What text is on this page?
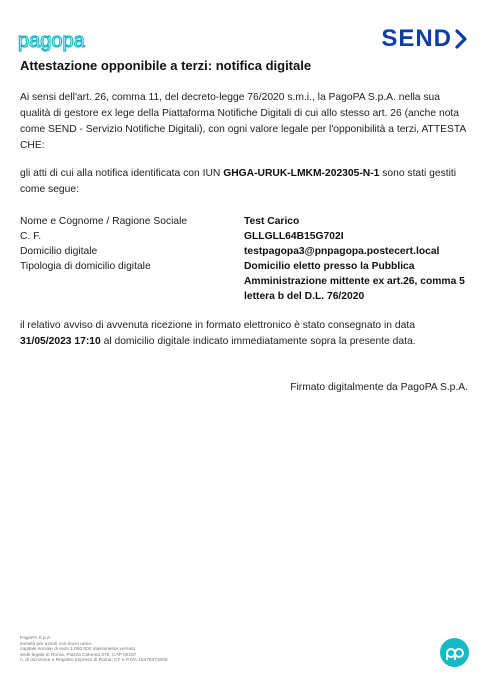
pagopa	SEND
Attestazione opponibile a terzi: notifica digitale
Ai sensi dell'art. 26, comma 11, del decreto-legge 76/2020 s.m.i., la PagoPA S.p.A. nella sua qualità di gestore ex lege della Piattaforma Notifiche Digitali di cui allo stesso art. 26 (anche nota come SEND - Servizio Notifiche Digitali), con ogni valore legale per l'opponibilità a terzi, ATTESTA CHE:
gli atti di cui alla notifica identificata con IUN GHGA-URUK-LMKM-202305-N-1 sono stati gestiti come segue:
Nome e Cognome / Ragione Sociale	Test Carico
C. F.	GLLGLL64B15G702I
Domicilio digitale	testpagopa3@pnpagopa.postecert.local
Tipologia di domicilio digitale	Domicilio eletto presso la Pubblica Amministrazione mittente ex art.26, comma 5 lettera b del D.L. 76/2020
il relativo avviso di avvenuta ricezione in formato elettronico è stato consegnato in data 31/05/2023 17:10 al domicilio digitale indicato immediatamente sopra la presente data.
Firmato digitalmente da PagoPA S.p.A.
PagoPA S.p.A.
società per azioni con socio unico
capitale sociale di euro 1,000,000 interamente versato
sede legale in Roma, Piazza Colonna 370, CAP 00187
n. di iscrizione a Registro Imprese di Roma, CF e P.IVA 15376371009
